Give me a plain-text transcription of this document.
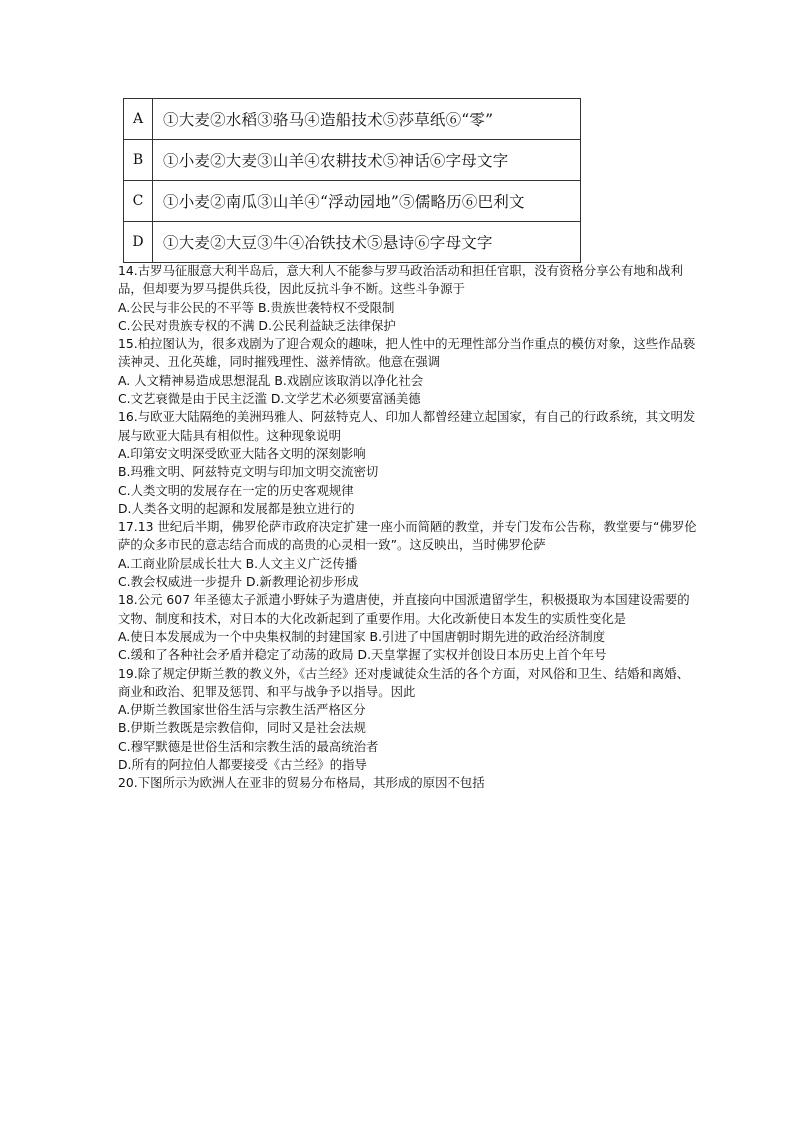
A	①大麦②水稻③骆马④造船技术⑤莎草纸⑥“零”
B	①小麦②大麦③山羊④农耕技术⑤神话⑥字母文字
C	①小麦②南瓜③山羊④“浮动园地”⑤儒略历⑥巴利文
D	①大麦②大豆③牛④冶铁技术⑤悬诗⑥字母文字

14.古罗马征服意大利半岛后，意大利人不能参与罗马政治活动和担任官职，没有资格分享公有地和战利品，但却要为罗马提供兵役，因此反抗斗争不断。这些斗争源于

A.公民与非公民的不平等 B.贵族世袭特权不受限制

C.公民对贵族专权的不满 D.公民利益缺乏法律保护

15.柏拉图认为，很多戏剧为了迎合观众的趣味，把人性中的无理性部分当作重点的模仿对象，这些作品亵渎神灵、丑化英雄，同时摧残理性、滋养情欲。他意在强调

A. 人文精神易造成思想混乱 B.戏剧应该取消以净化社会

C.文艺衰微是由于民主泛滥 D.文学艺术必须要富涵美德

16.与欧亚大陆隔绝的美洲玛雅人、阿兹特克人、印加人都曾经建立起国家，有自己的行政系统，其文明发展与欧亚大陆具有相似性。这种现象说明

A.印第安文明深受欧亚大陆各文明的深刻影响

B.玛雅文明、阿兹特克文明与印加文明交流密切

C.人类文明的发展存在一定的历史客观规律

D.人类各文明的起源和发展都是独立进行的

17.13 世纪后半期，佛罗伦萨市政府决定扩建一座小而简陋的教堂，并专门发布公告称，教堂要与“佛罗伦萨的众多市民的意志结合而成的高贵的心灵相一致”。这反映出，当时佛罗伦萨

A.工商业阶层成长壮大 B.人文主义广泛传播

C.教会权威进一步提升 D.新教理论初步形成

18.公元 607 年圣德太子派遣小野妹子为遣唐使，并直接向中国派遣留学生，积极摄取为本国建设需要的文物、制度和技术，对日本的大化改新起到了重要作用。大化改新使日本发生的实质性变化是

A.使日本发展成为一个中央集权制的封建国家 B.引进了中国唐朝时期先进的政治经济制度

C.缓和了各种社会矛盾并稳定了动荡的政局 D.天皇掌握了实权并创设日本历史上首个年号

19.除了规定伊斯兰教的教义外，《古兰经》还对虔诚徒众生活的各个方面，对风俗和卫生、结婚和离婚、商业和政治、犯罪及惩罚、和平与战争予以指导。因此

A.伊斯兰教国家世俗生活与宗教生活严格区分

B.伊斯兰教既是宗教信仰，同时又是社会法规

C.穆罕默德是世俗生活和宗教生活的最高统治者

D.所有的阿拉伯人都要接受《古兰经》的指导

20.下图所示为欧洲人在亚非的贸易分布格局，其形成的原因不包括
